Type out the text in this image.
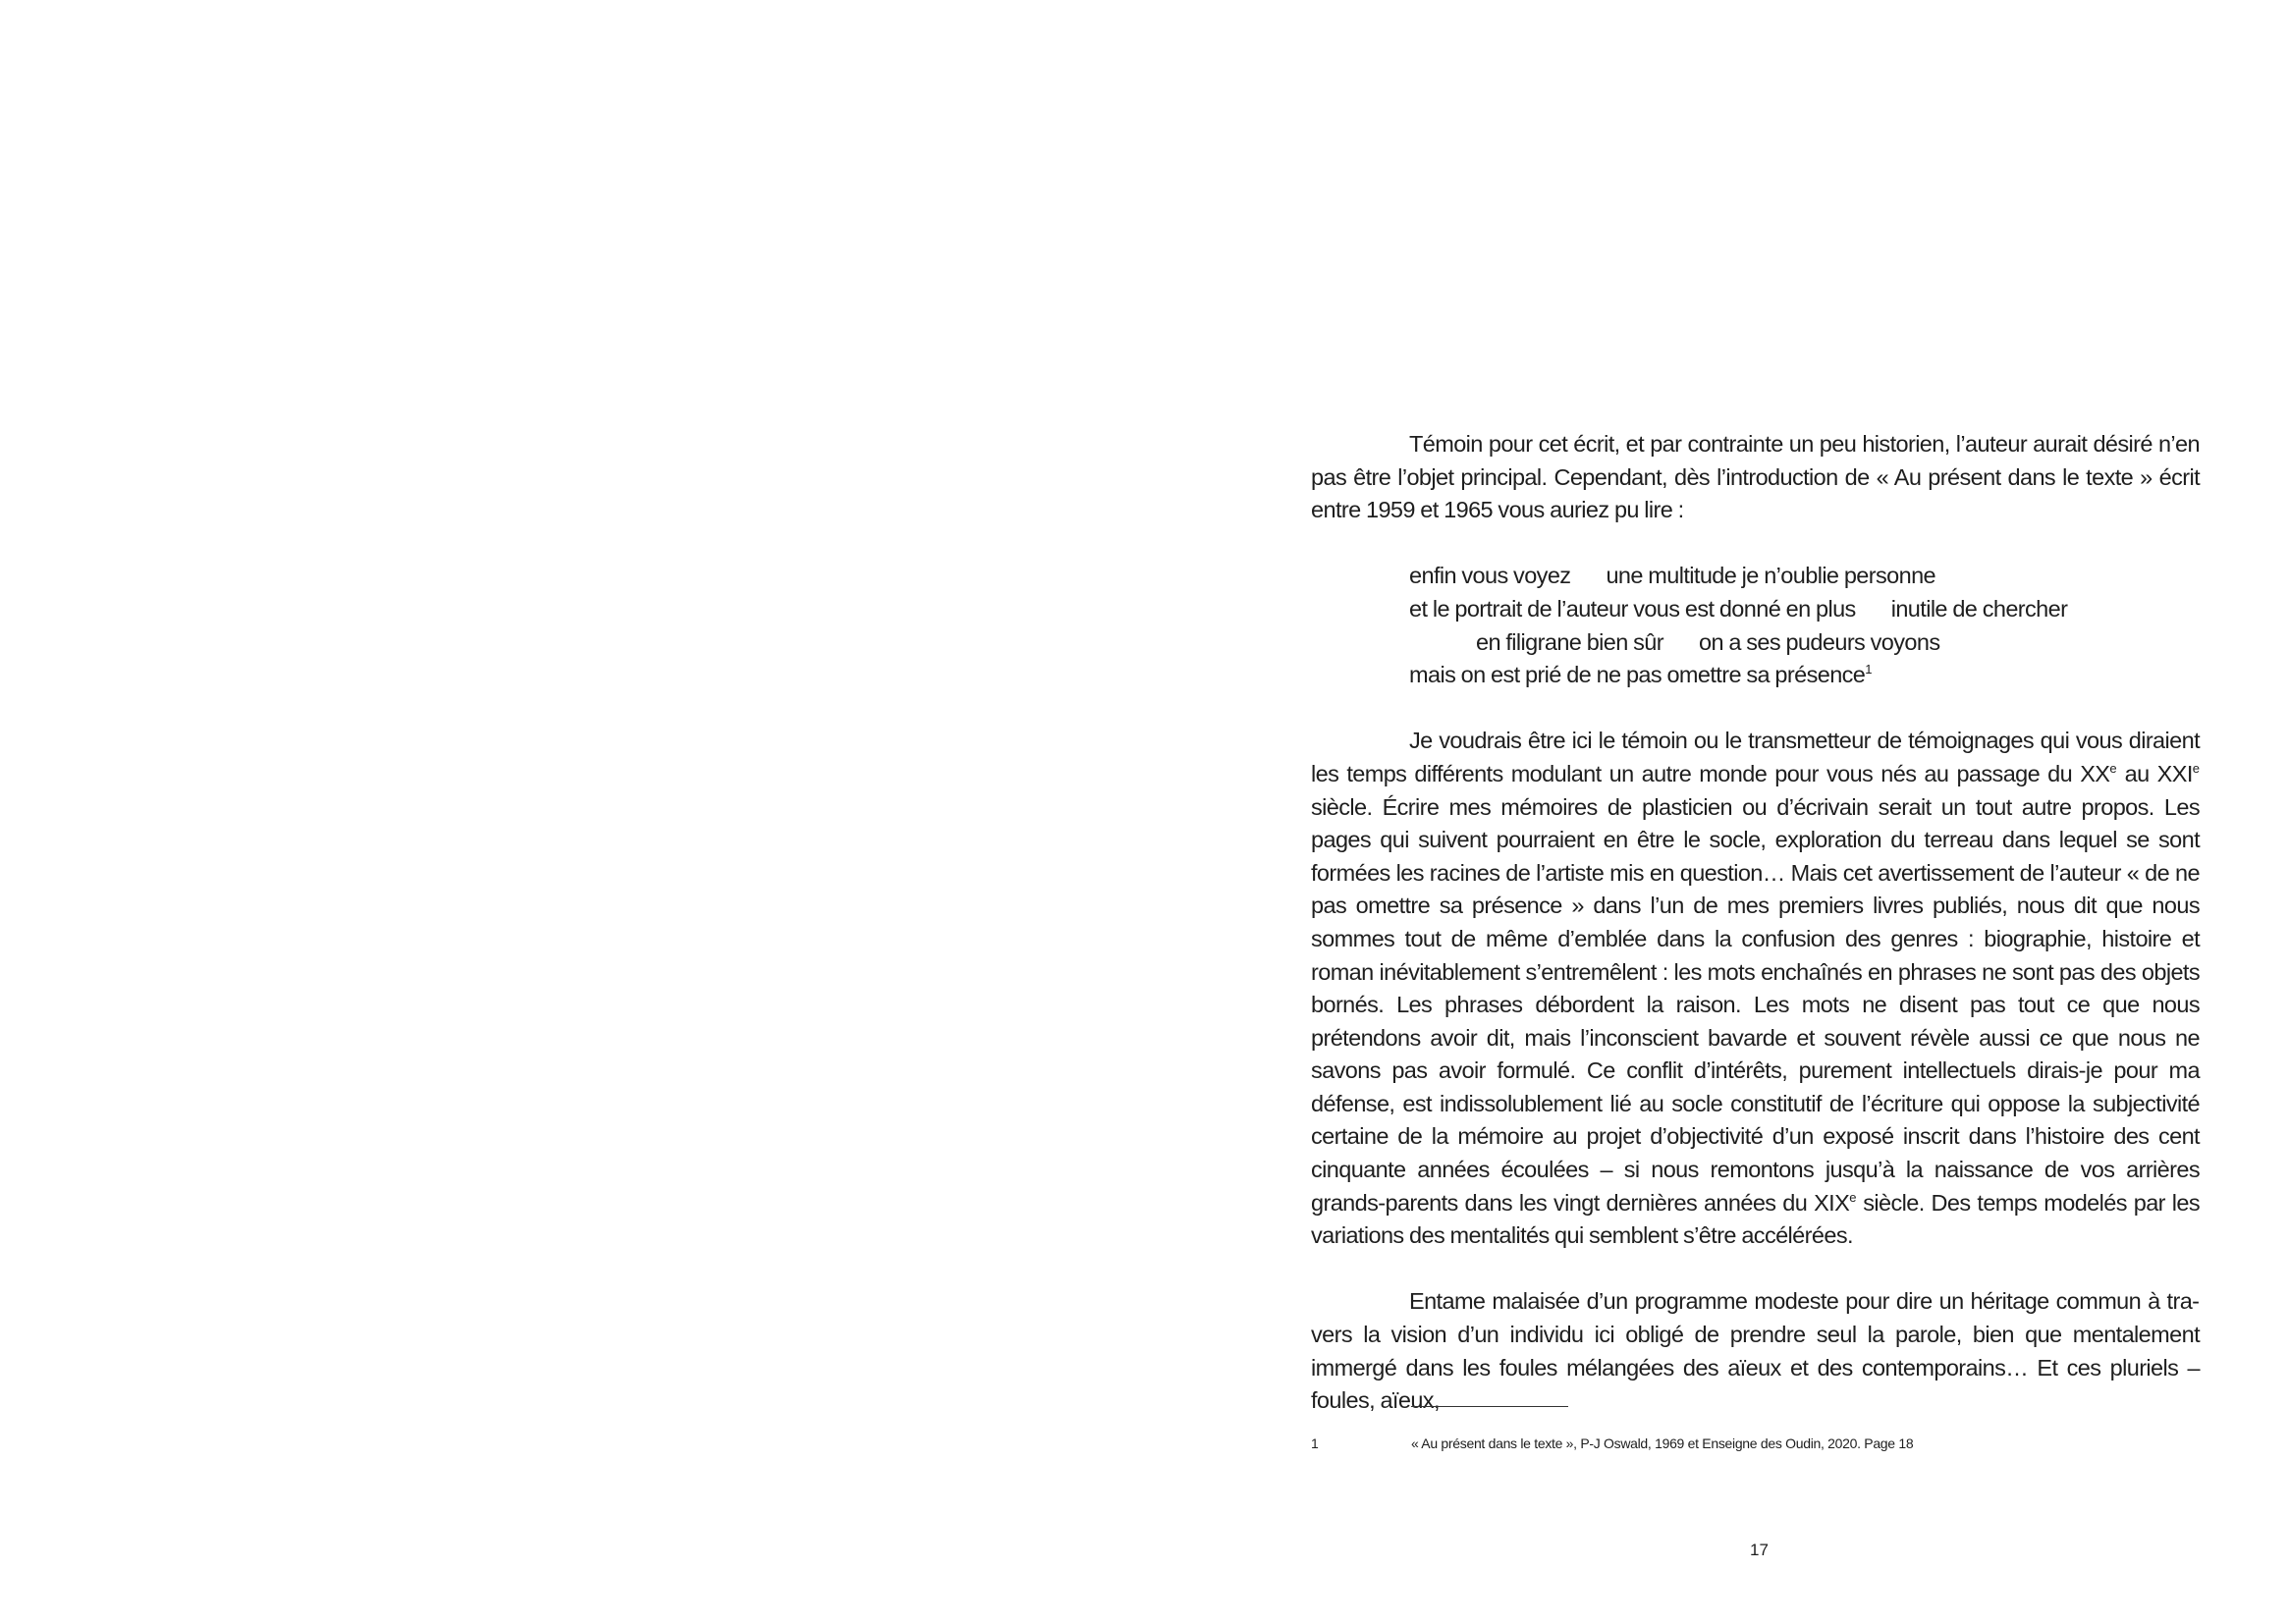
Témoin pour cet écrit, et par contrainte un peu historien, l’auteur aurait désiré n’en pas être l’objet principal. Cependant, dès l’introduction de « Au présent dans le texte » écrit entre 1959 et 1965 vous auriez pu lire :

enfin vous voyez une multitude je n’oublie personne
et le portrait de l’auteur vous est donné en plus inutile de chercher
en filigrane bien sûr on a ses pudeurs voyons
mais on est prié de ne pas omettre sa présence$^1$

Je voudrais être ici le témoin ou le transmetteur de témoignages qui vous diraient les temps différents modulant un autre monde pour vous nés au passage du XXe au XXIe siècle. Écrire mes mémoires de plasticien ou d’écrivain serait un tout autre propos. Les pages qui suivent pourraient en être le socle, exploration du terreau dans lequel se sont formées les racines de l’artiste mis en question… Mais cet avertissement de l’auteur « de ne pas omettre sa présence » dans l’un de mes premiers livres publiés, nous dit que nous sommes tout de même d’emblée dans la confusion des genres : biographie, histoire et roman inévitablement s’entremêlent : les mots enchaînés en phrases ne sont pas des objets bornés. Les phrases débordent la raison. Les mots ne disent pas tout ce que nous prétendons avoir dit, mais l’inconscient bavarde et souvent révèle aussi ce que nous ne savons pas avoir formulé. Ce conflit d’intérêts, purement intellectuels dirais-je pour ma défense, est indissolublement lié au socle constitutif de l’écriture qui oppose la subjectivité certaine de la mémoire au projet d’objectivité d’un exposé inscrit dans l’histoire des cent cinquante années écoulées – si nous remontons jusqu’à la naissance de vos arrières grands-parents dans les vingt dernières années du XIXe siècle. Des temps modelés par les variations des mentalités qui semblent s’être accélérées.

Entame malaisée d’un programme modeste pour dire un héritage commun à travers la vision d’un individu ici obligé de prendre seul la parole, bien que mentalement immergé dans les foules mélangées des aïeux et des contemporains… Et ces pluriels – foules, aïeux,

1	« Au présent dans le texte », P-J Oswald, 1969 et Enseigne des Oudin, 2020. Page 18
17
